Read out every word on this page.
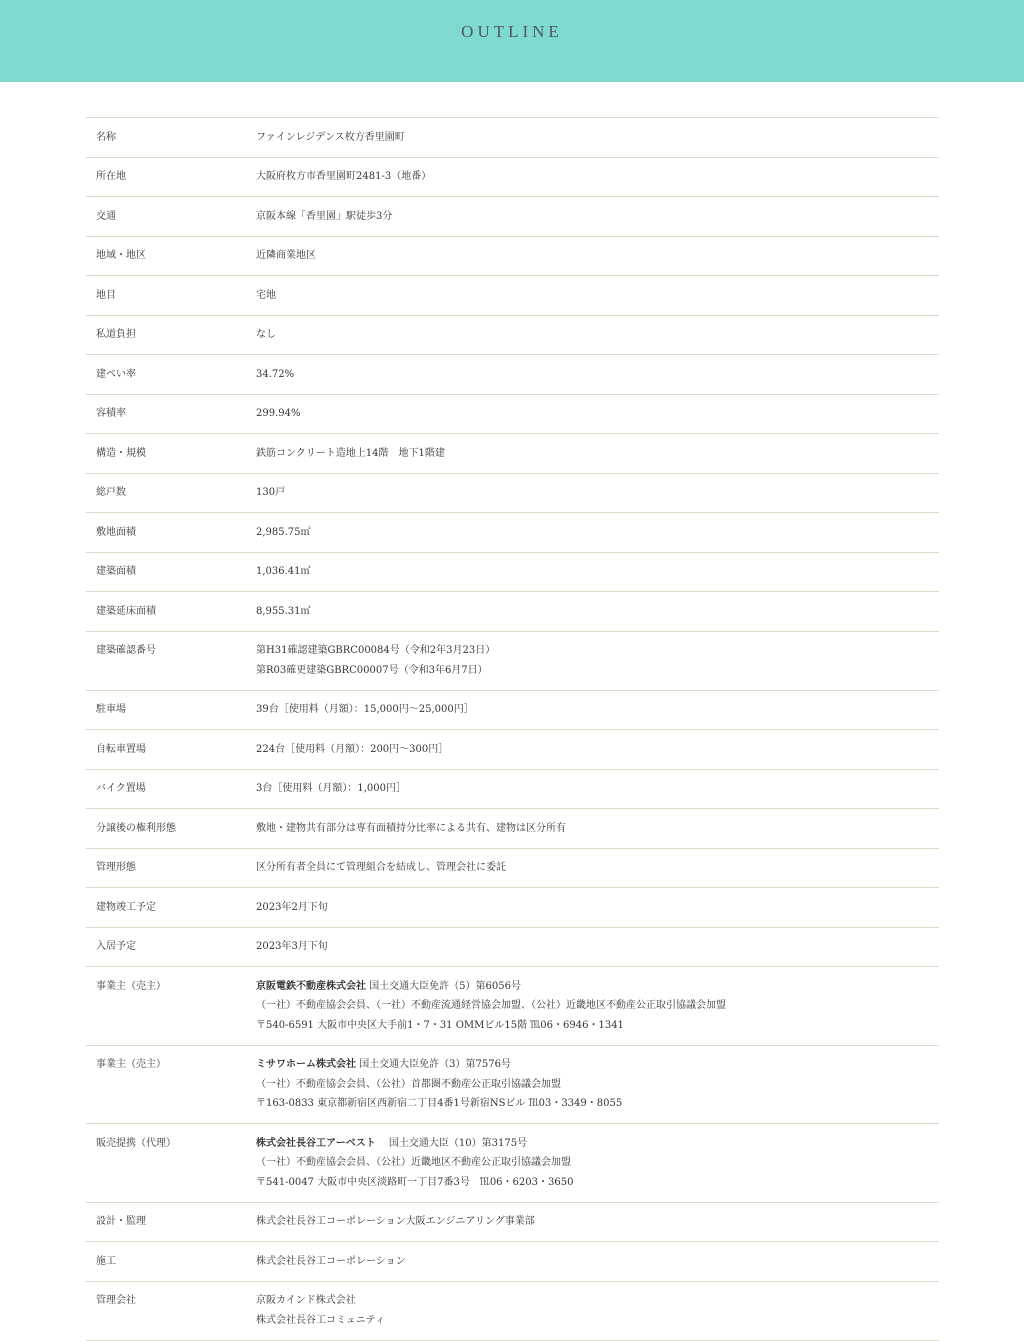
OUTLINE
名称	ファインレジデンス枚方香里園町

所在地	大阪府枚方市香里園町2481-3（地番）

交通	京阪本線「香里園」駅徒歩3分

地域・地区	近隣商業地区

地目	宅地

私道負担	なし

建ぺい率	34.72%

容積率	299.94%

構造・規模	鉄筋コンクリート造地上14階　地下1階建

総戸数	130戸

敷地面積	2,985.75㎡

建築面積	1,036.41㎡

建築延床面積	8,955.31㎡

建築確認番号	第H31確認建築GBRC00084号（令和2年3月23日）
第R03確更建築GBRC00007号（令和3年6月7日）

駐車場	39台［使用料（月額）：15,000円〜25,000円］

自転車置場	224台［使用料（月額）：200円〜300円］

バイク置場	3台［使用料（月額）：1,000円］

分譲後の権利形態	敷地・建物共有部分は専有面積持分比率による共有、建物は区分所有

管理形態	区分所有者全員にて管理組合を結成し、管理会社に委託

建物竣工予定	2023年2月下旬

入居予定	2023年3月下旬

事業主（売主）	京阪電鉄不動産株式会社 国土交通大臣免許（5）第6056号
（一社）不動産協会会員、（一社）不動産流通経営協会加盟、（公社）近畿地区不動産公正取引協議会加盟
〒540-6591 大阪市中央区大手前1・7・31 OMMビル15階 ℡06・6946・1341

事業主（売主）	ミサワホーム株式会社 国土交通大臣免許（3）第7576号
（一社）不動産協会会員、（公社）首都圏不動産公正取引協議会加盟
〒163-0833 東京都新宿区西新宿二丁目4番1号新宿NSビル ℡03・3349・8055

販売提携（代理）	株式会社長谷工アーベスト 　国土交通大臣（10）第3175号
（一社）不動産協会会員、（公社）近畿地区不動産公正取引協議会加盟
〒541-0047 大阪市中央区淡路町一丁目7番3号　℡06・6203・3650

設計・監理	株式会社長谷工コーポレーション大阪エンジニアリング事業部

施工	株式会社長谷工コーポレーション

管理会社	京阪カインド株式会社
株式会社長谷工コミュニティ
